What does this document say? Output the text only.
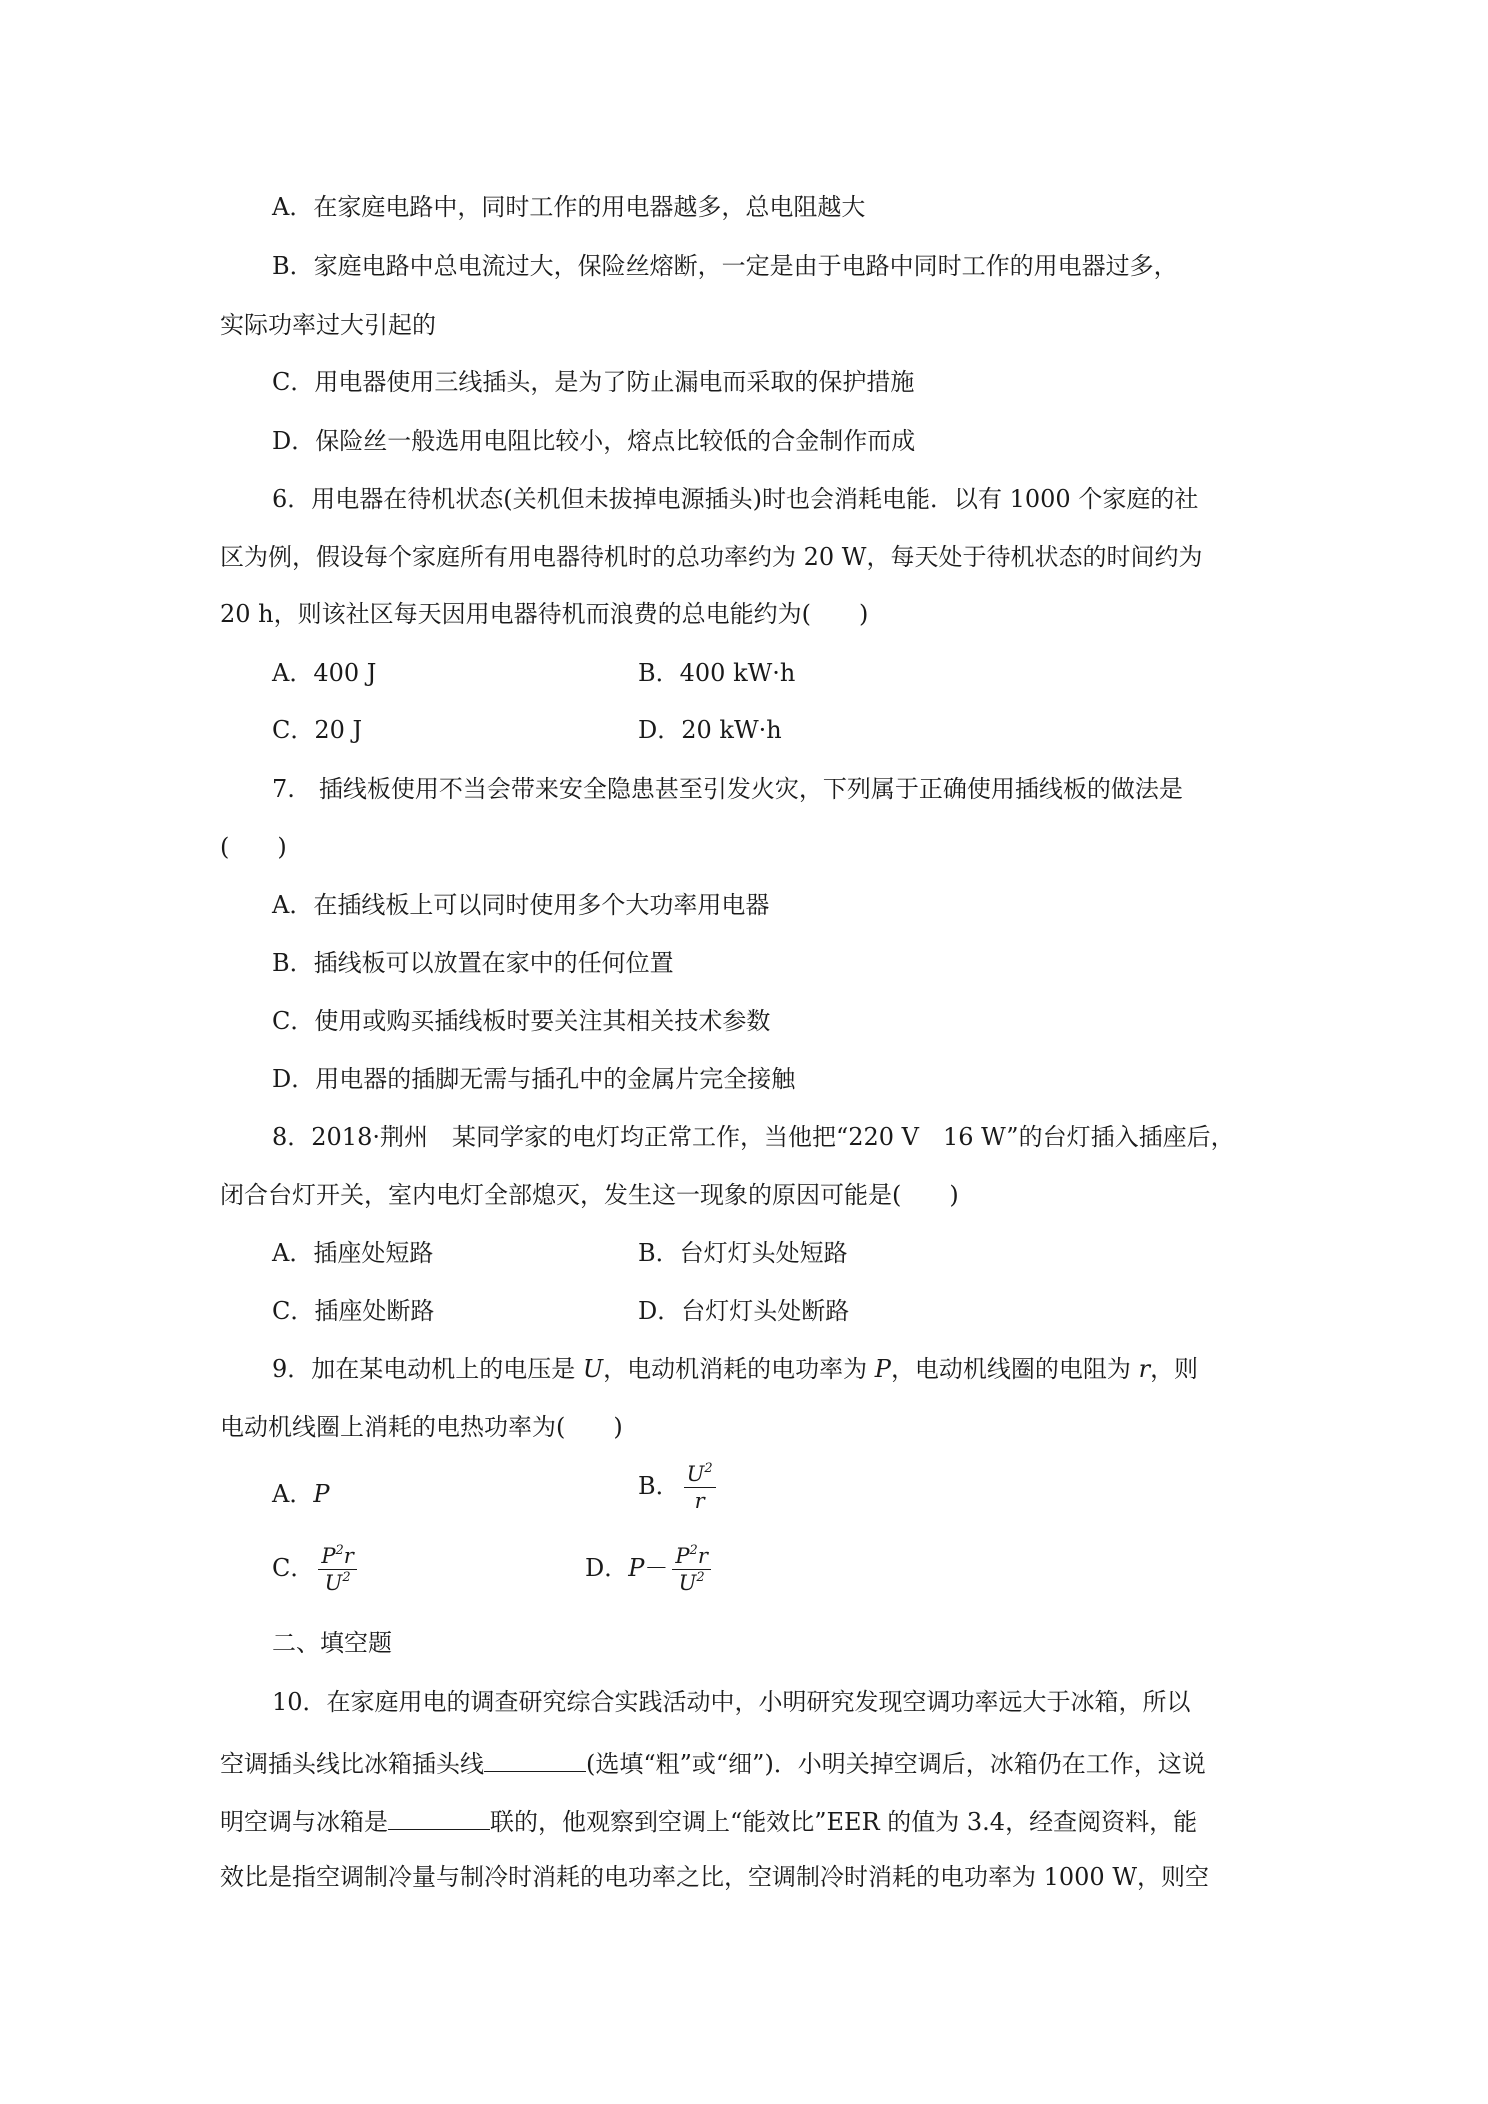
A．在家庭电路中，同时工作的用电器越多，总电阻越大
B．家庭电路中总电流过大，保险丝熔断，一定是由于电路中同时工作的用电器过多，
实际功率过大引起的
C．用电器使用三线插头，是为了防止漏电而采取的保护措施
D．保险丝一般选用电阻比较小，熔点比较低的合金制作而成
6．用电器在待机状态(关机但未拔掉电源插头)时也会消耗电能．以有 1000 个家庭的社
区为例，假设每个家庭所有用电器待机时的总功率约为 20 W，每天处于待机状态的时间约为
20 h，则该社区每天因用电器待机而浪费的总电能约为(　　)
A．400 J	B．400 kW·h
C．20 J	D．20 kW·h
7.　插线板使用不当会带来安全隐患甚至引发火灾，下列属于正确使用插线板的做法是
(　　)
A．在插线板上可以同时使用多个大功率用电器
B．插线板可以放置在家中的任何位置
C．使用或购买插线板时要关注其相关技术参数
D．用电器的插脚无需与插孔中的金属片完全接触
8．2018·荆州　某同学家的电灯均正常工作，当他把“220 V　16 W”的台灯插入插座后，
闭合台灯开关，室内电灯全部熄灭，发生这一现象的原因可能是(　　)
A．插座处短路	B．台灯灯头处短路
C．插座处断路	D．台灯灯头处断路
9．加在某电动机上的电压是 U，电动机消耗的电功率为 P，电动机线圈的电阻为 r，则
电动机线圈上消耗的电热功率为(　　)
A．P	B． $\frac{U^2}{r}$
C． $\frac{P^2r}{U^2}$	D．$P- \frac{P^2r}{U^2}$
二、填空题
10．在家庭用电的调查研究综合实践活动中，小明研究发现空调功率远大于冰箱，所以
空调插头线比冰箱插头线	(选填“粗”或“细”)．小明关掉空调后，冰箱仍在工作，这说
明空调与冰箱是	联的，他观察到空调上“能效比”EER 的值为 3.4，经查阅资料，能
效比是指空调制冷量与制冷时消耗的电功率之比，空调制冷时消耗的电功率为 1000 W，则空
